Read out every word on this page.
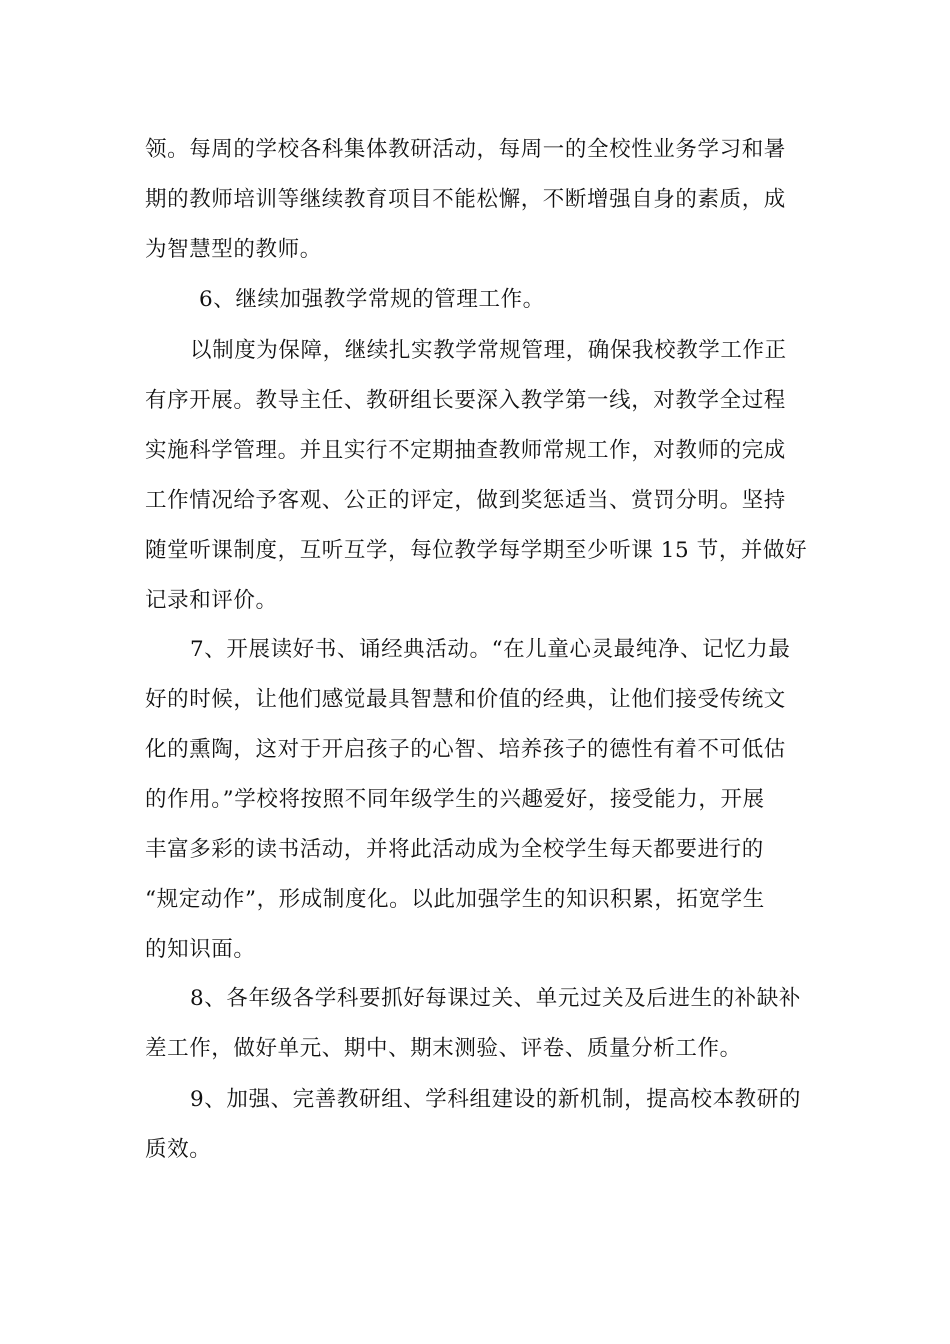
领。每周的学校各科集体教研活动，每周一的全校性业务学习和暑

期的教师培训等继续教育项目不能松懈，不断增强自身的素质，成

为智慧型的教师。

6、继续加强教学常规的管理工作。

以制度为保障，继续扎实教学常规管理，确保我校教学工作正

有序开展。教导主任、教研组长要深入教学第一线，对教学全过程

实施科学管理。并且实行不定期抽查教师常规工作，对教师的完成

工作情况给予客观、公正的评定，做到奖惩适当、赏罚分明。坚持

随堂听课制度，互听互学，每位教学每学期至少听课 15 节，并做好

记录和评价。

7、开展读好书、诵经典活动。“在儿童心灵最纯净、记忆力最

好的时候，让他们感觉最具智慧和价值的经典，让他们接受传统文

化的熏陶，这对于开启孩子的心智、培养孩子的德性有着不可低估

的作用。”学校将按照不同年级学生的兴趣爱好，接受能力，开展

丰富多彩的读书活动，并将此活动成为全校学生每天都要进行的

“规定动作”，形成制度化。以此加强学生的知识积累，拓宽学生

的知识面。

8、各年级各学科要抓好每课过关、单元过关及后进生的补缺补

差工作，做好单元、期中、期末测验、评卷、质量分析工作。

9、加强、完善教研组、学科组建设的新机制，提高校本教研的

质效。
